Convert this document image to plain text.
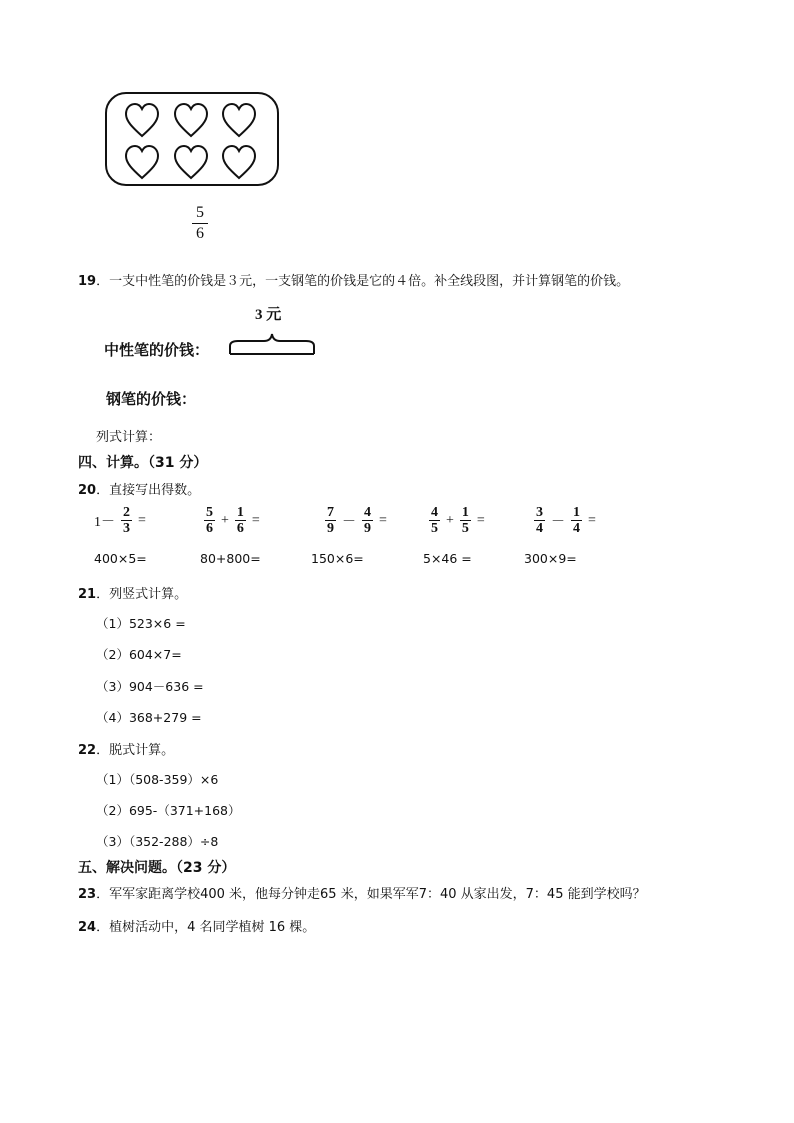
5
6
19．一支中性笔的价钱是３元，一支钢笔的价钱是它的４倍。补全线段图，并计算钢笔的价钱。
3 元
中性笔的价钱：
钢笔的价钱：
列式计算：
四、计算。（31 分）
20．直接写出得数。
$1- \frac{2}{3}$ =	$\frac{5}{6} + \frac{1}{6}$ =	$\frac{7}{9} - \frac{4}{9}$ =	$\frac{4}{5} + \frac{1}{5}$ =	$\frac{3}{4} - \frac{1}{4}$ =
400×5=	80+800=	150×6=	5×46 =	300×9=
21．列竖式计算。
（1）523×6 =
（2）604×7=
（3）904－636 =
（4）368+279 =
22．脱式计算。
（1）（508-359）×6
（2）695-（371+168）
（3）（352-288）÷8
五、解决问题。（23 分）
23．军军家距离学校400 米，他每分钟走65 米，如果军军7：40 从家出发，7：45 能到学校吗？
24．植树活动中，4 名同学植树 16 棵。
